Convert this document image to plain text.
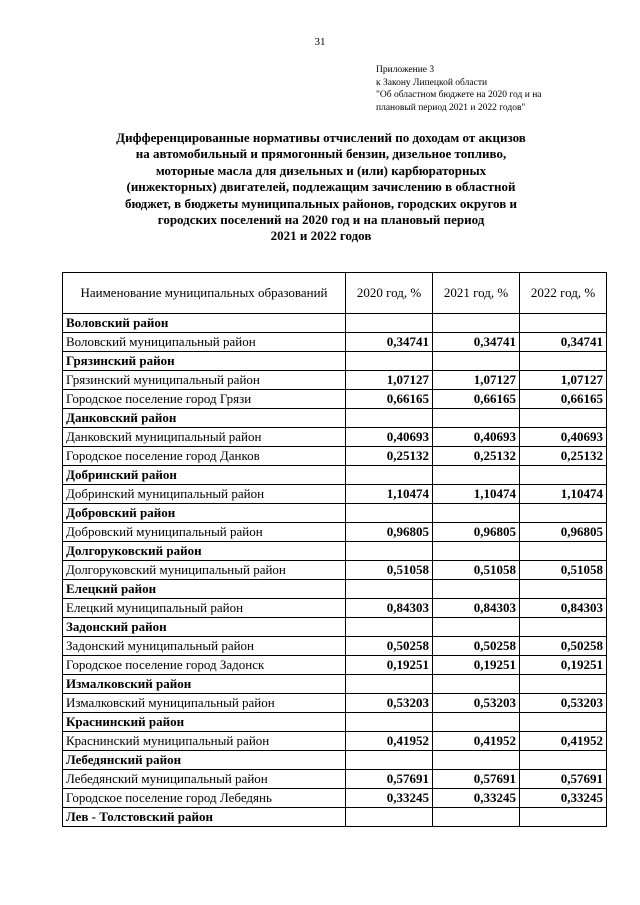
31
Приложение 3
к Закону Липецкой области
"Об областном бюджете на 2020 год и на
плановый период 2021 и 2022 годов"
Дифференцированные нормативы отчислений по доходам от акцизов
на автомобильный и прямогонный бензин, дизельное топливо,
моторные масла для дизельных и (или) карбюраторных
(инжекторных) двигателей, подлежащим зачислению в областной
бюджет, в бюджеты муниципальных районов, городских округов и
городских поселений на 2020 год и на плановый период
2021 и 2022 годов
Наименование муниципальных образований	2020 год, %	2021 год, %	2022 год, %
Воловский район			
Воловский муниципальный район	0,34741	0,34741	0,34741
Грязинский район			
Грязинский муниципальный район	1,07127	1,07127	1,07127
Городское поселение город Грязи	0,66165	0,66165	0,66165
Данковский район			
Данковский муниципальный район	0,40693	0,40693	0,40693
Городское поселение город Данков	0,25132	0,25132	0,25132
Добринский район			
Добринский муниципальный район	1,10474	1,10474	1,10474
Добровский район			
Добровский муниципальный район	0,96805	0,96805	0,96805
Долгоруковский район			
Долгоруковский муниципальный район	0,51058	0,51058	0,51058
Елецкий район			
Елецкий муниципальный район	0,84303	0,84303	0,84303
Задонский район			
Задонский муниципальный район	0,50258	0,50258	0,50258
Городское поселение город Задонск	0,19251	0,19251	0,19251
Измалковский район			
Измалковский муниципальный район	0,53203	0,53203	0,53203
Краснинский район			
Краснинский муниципальный район	0,41952	0,41952	0,41952
Лебедянский район			
Лебедянский муниципальный район	0,57691	0,57691	0,57691
Городское поселение город Лебедянь	0,33245	0,33245	0,33245
Лев - Толстовский район			
